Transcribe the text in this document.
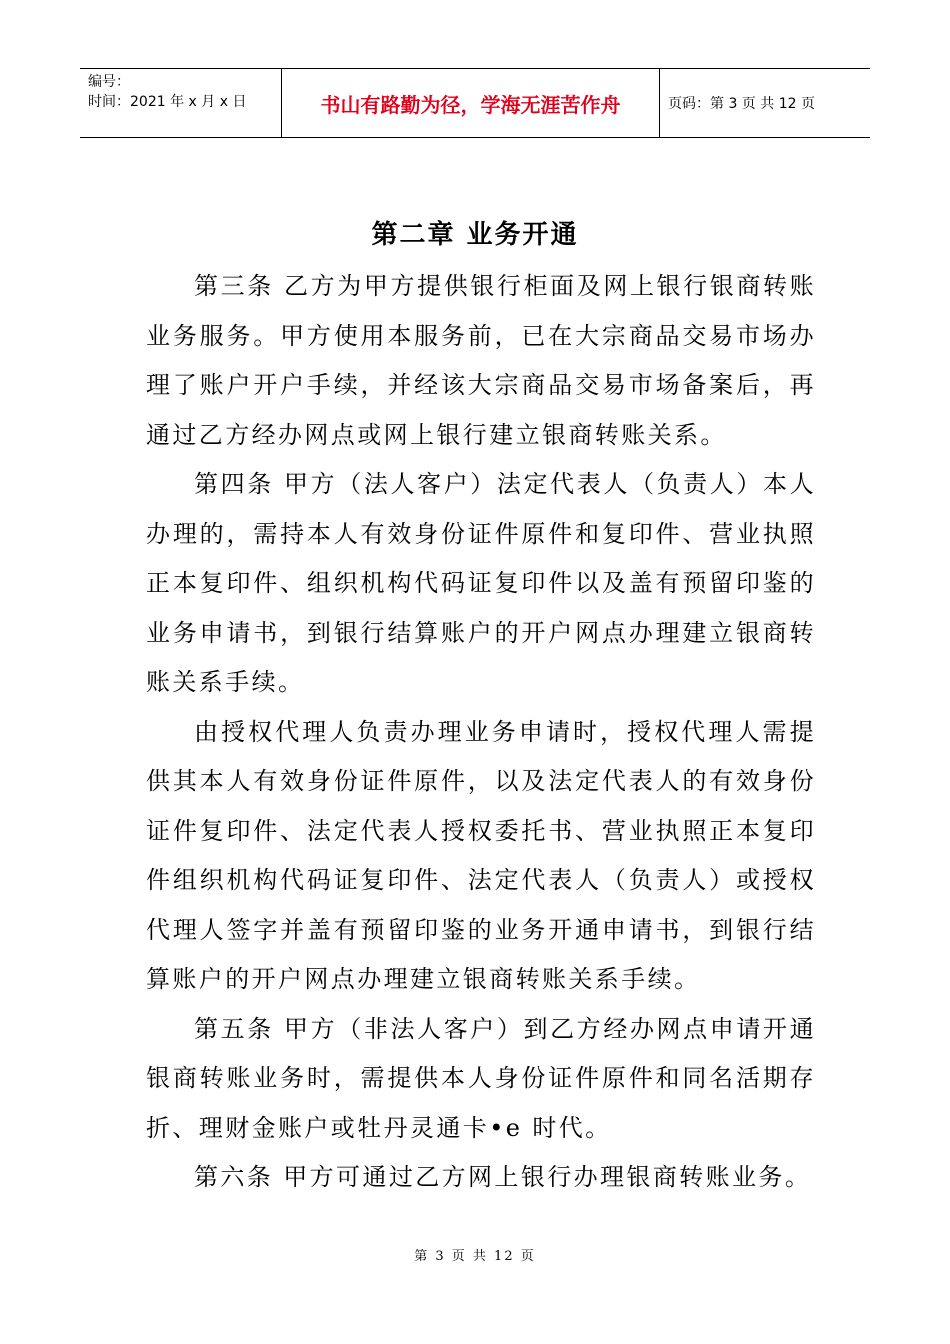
编号：
时间：2021 年 x 月 x 日	书山有路勤为径，学海无涯苦作舟	页码：第 3 页 共 12 页
第二章 业务开通

第三条 乙方为甲方提供银行柜面及网上银行银商转账业务服务。甲方使用本服务前，已在大宗商品交易市场办理了账户开户手续，并经该大宗商品交易市场备案后，再通过乙方经办网点或网上银行建立银商转账关系。

第四条 甲方（法人客户）法定代表人（负责人）本人办理的，需持本人有效身份证件原件和复印件、营业执照正本复印件、组织机构代码证复印件以及盖有预留印鉴的业务申请书，到银行结算账户的开户网点办理建立银商转账关系手续。

由授权代理人负责办理业务申请时，授权代理人需提供其本人有效身份证件原件，以及法定代表人的有效身份证件复印件、法定代表人授权委托书、营业执照正本复印件组织机构代码证复印件、法定代表人（负责人）或授权代理人签字并盖有预留印鉴的业务开通申请书，到银行结算账户的开户网点办理建立银商转账关系手续。

第五条 甲方（非法人客户）到乙方经办网点申请开通银商转账业务时，需提供本人身份证件原件和同名活期存折、理财金账户或牡丹灵通卡•e 时代。

第六条 甲方可通过乙方网上银行办理银商转账业务。

第 3 页 共 12 页
